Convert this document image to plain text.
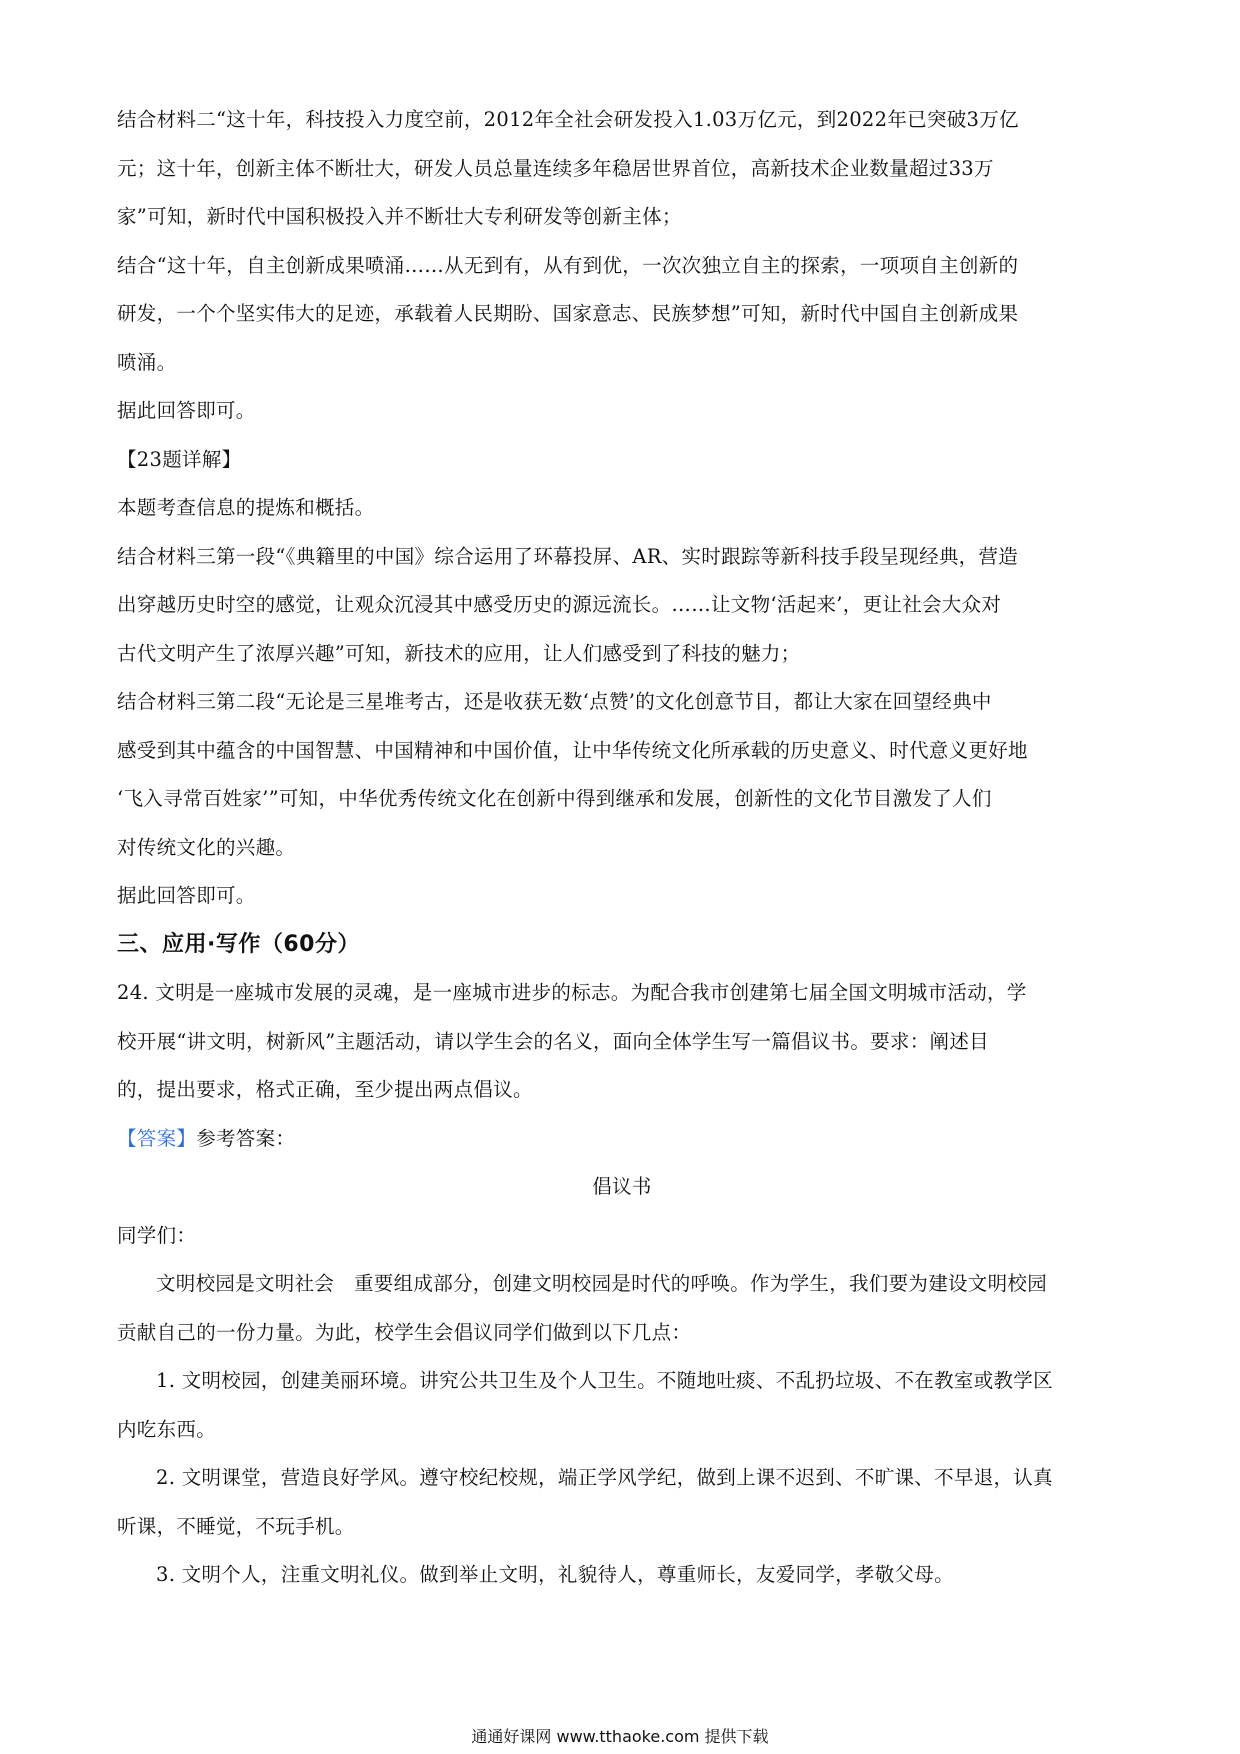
结合材料二“这十年，科技投入力度空前，2012年全社会研发投入1.03万亿元，到2022年已突破3万亿
元；这十年，创新主体不断壮大，研发人员总量连续多年稳居世界首位，高新技术企业数量超过33万
家”可知，新时代中国积极投入并不断壮大专利研发等创新主体；
结合“这十年，自主创新成果喷涌……从无到有，从有到优，一次次独立自主的探索，一项项自主创新的
研发，一个个坚实伟大的足迹，承载着人民期盼、国家意志、民族梦想”可知，新时代中国自主创新成果
喷涌。
据此回答即可。
【23题详解】
本题考查信息的提炼和概括。
结合材料三第一段“《典籍里的中国》综合运用了环幕投屏、AR、实时跟踪等新科技手段呈现经典，营造
出穿越历史时空的感觉，让观众沉浸其中感受历史的源远流长。……让文物‘活起来’，更让社会大众对
古代文明产生了浓厚兴趣”可知，新技术的应用，让人们感受到了科技的魅力；
结合材料三第二段“无论是三星堆考古，还是收获无数‘点赞’的文化创意节目，都让大家在回望经典中
感受到其中蕴含的中国智慧、中国精神和中国价值，让中华传统文化所承载的历史意义、时代意义更好地
‘飞入寻常百姓家’”可知，中华优秀传统文化在创新中得到继承和发展，创新性的文化节目激发了人们
对传统文化的兴趣。
据此回答即可。
三、应用·写作（60分）
24. 文明是一座城市发展的灵魂，是一座城市进步的标志。为配合我市创建第七届全国文明城市活动，学
校开展“讲文明，树新风”主题活动，请以学生会的名义，面向全体学生写一篇倡议书。要求：阐述目
的，提出要求，格式正确，至少提出两点倡议。
【答案】参考答案：
倡议书
同学们：
文明校园是文明社会　重要组成部分，创建文明校园是时代的呼唤。作为学生，我们要为建设文明校园
贡献自己的一份力量。为此，校学生会倡议同学们做到以下几点：
1. 文明校园，创建美丽环境。讲究公共卫生及个人卫生。不随地吐痰、不乱扔垃圾、不在教室或教学区
内吃东西。
2. 文明课堂，营造良好学风。遵守校纪校规，端正学风学纪，做到上课不迟到、不旷课、不早退，认真
听课，不睡觉，不玩手机。
3. 文明个人，注重文明礼仪。做到举止文明，礼貌待人，尊重师长，友爱同学，孝敬父母。
通通好课网 www.tthaoke.com 提供下载
